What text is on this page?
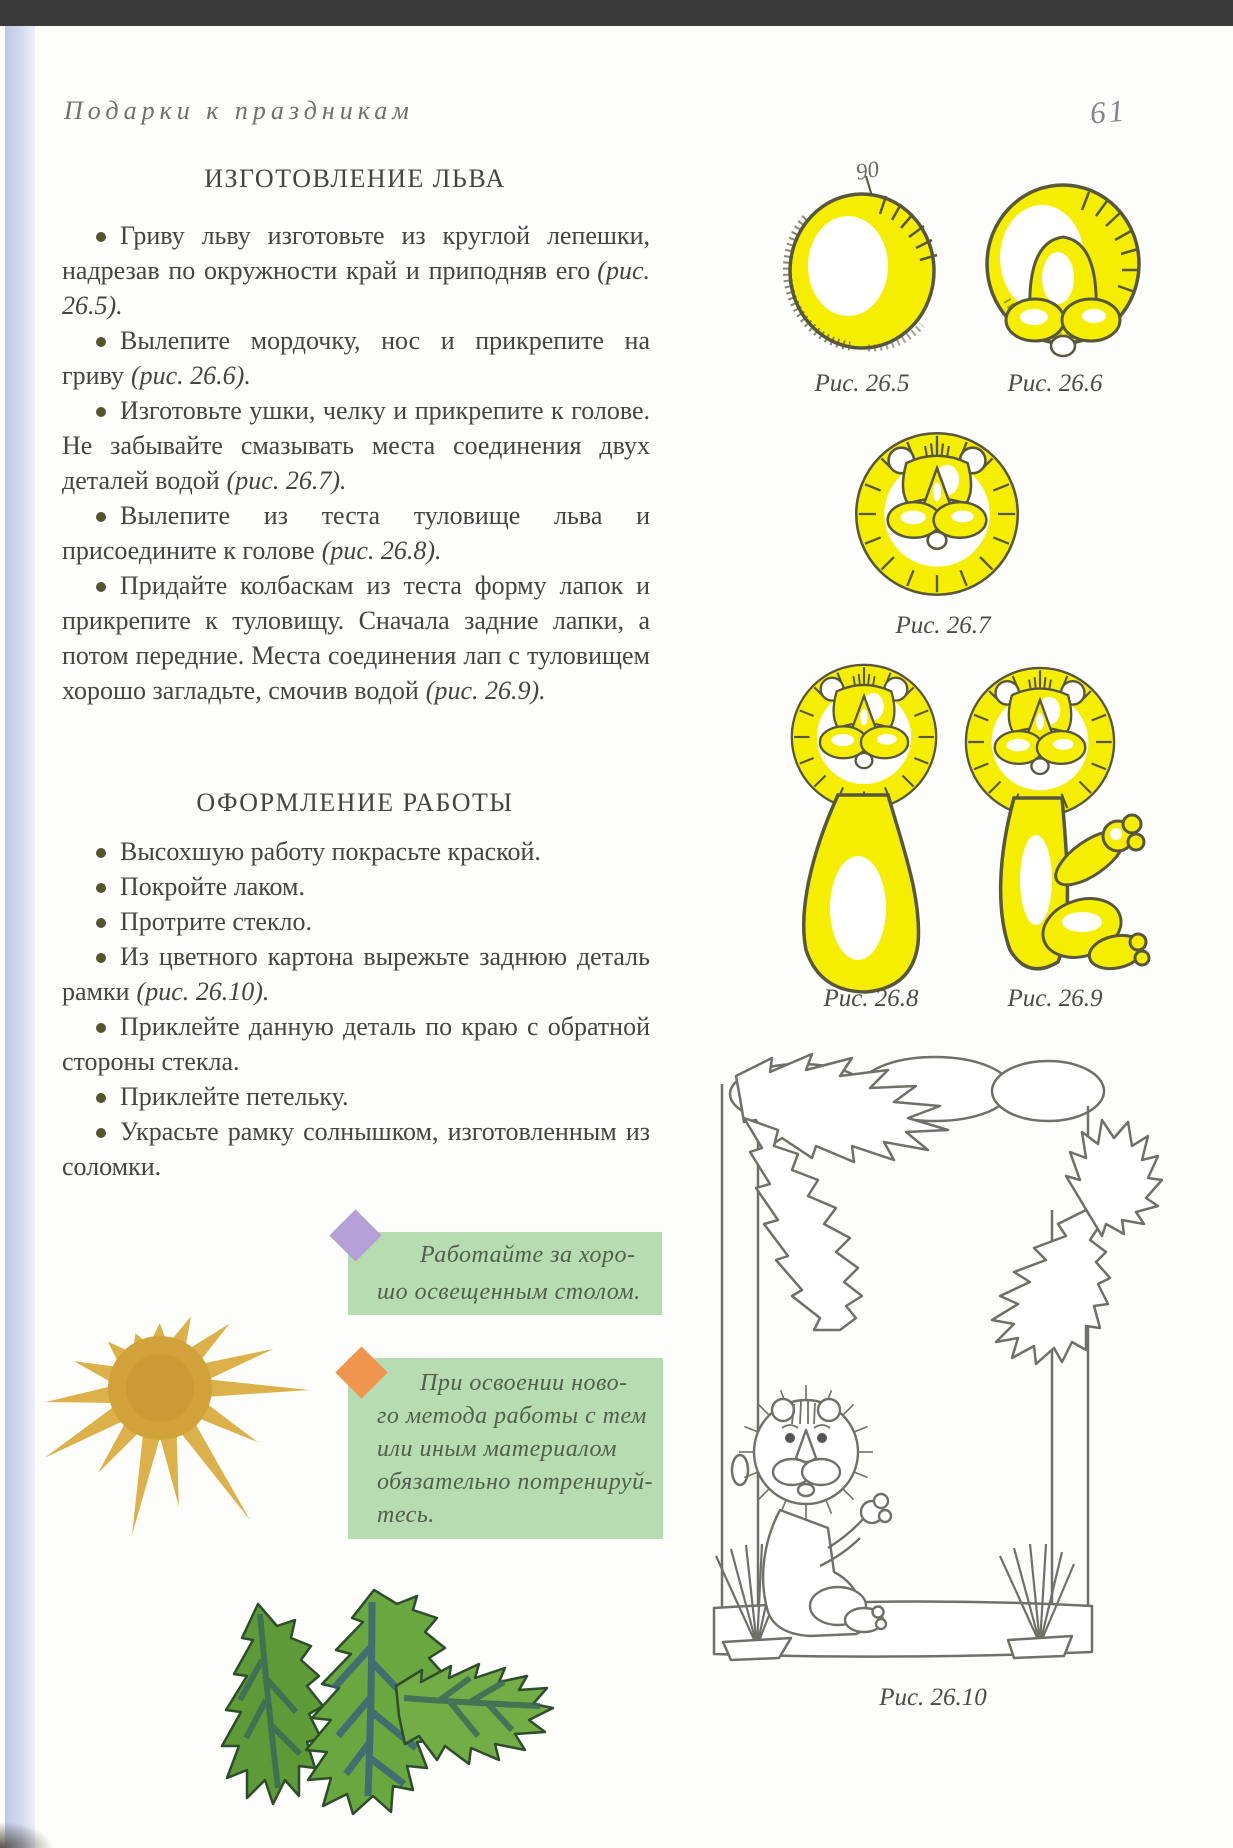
Подарки к праздникам	61
ИЗГОТОВЛЕНИЕ ЛЬВА

Гриву льву изготовьте из круглой лепешки, надрезав по окружности край и приподняв его (рис. 26.5).

Вылепите мордочку, нос и прикрепите на гриву (рис. 26.6).

Изготовьте ушки, челку и прикрепите к голове. Не забывайте смазывать места соединения двух деталей водой (рис. 26.7).

Вылепите из теста туловище льва и присоедините к голове (рис. 26.8).

Придайте колбаскам из теста форму лапок и прикрепите к туловищу. Сначала задние лапки, а потом передние. Места соединения лап с туловищем хорошо загладьте, смочив водой (рис. 26.9).

ОФОРМЛЕНИЕ РАБОТЫ

Высохшую работу покрасьте краской.

Покройте лаком.

Протрите стекло.

Из цветного картона вырежьте заднюю деталь рамки (рис. 26.10).

Приклейте данную деталь по краю с обратной стороны стекла.

Приклейте петельку.

Украсьте рамку солнышком, изготовленным из соломки.

Работайте за хоро-
шо освещенным столом.
При освоении ново-
го метода работы с тем
или иным материалом
обязательно потренируй-
тесь.
90
Рис. 26.5	Рис. 26.6
Рис. 26.7
Рис. 26.8	Рис. 26.9
Рис. 26.10
